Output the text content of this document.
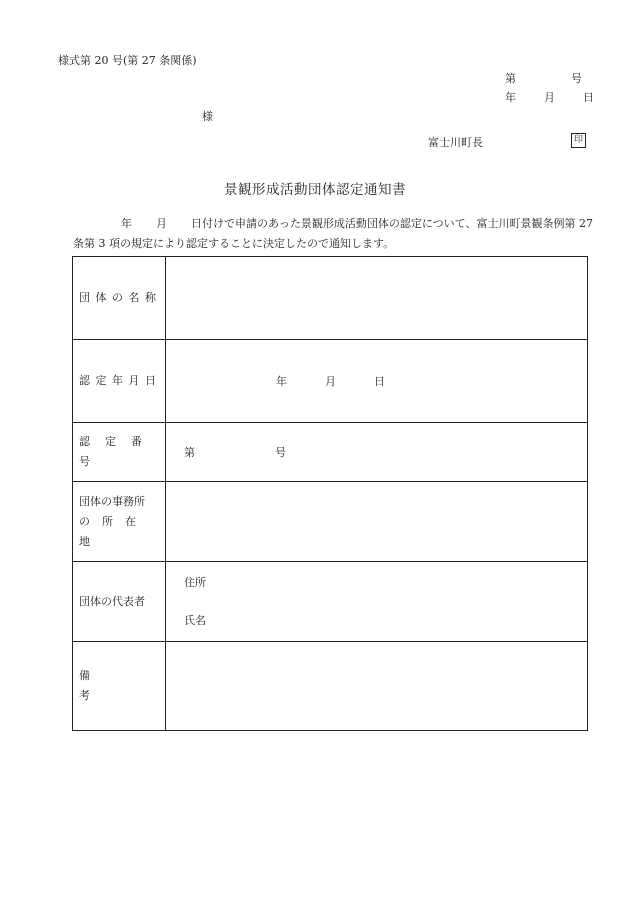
様式第 20 号(第 27 条関係)
第	号
年	月	日
様
富士川町長	印
景観形成活動団体認定通知書
年 月 日付けで申請のあった景観形成活動団体の認定について、富士川町景観条例第 27 条第 3 項の規定により認定することに決定したので通知します。
団体の名称	
認定年月日	年 月 日
認定番号	第 号

団体の事務所
の所在地	

団体の代表者	住所
氏名

備考	
